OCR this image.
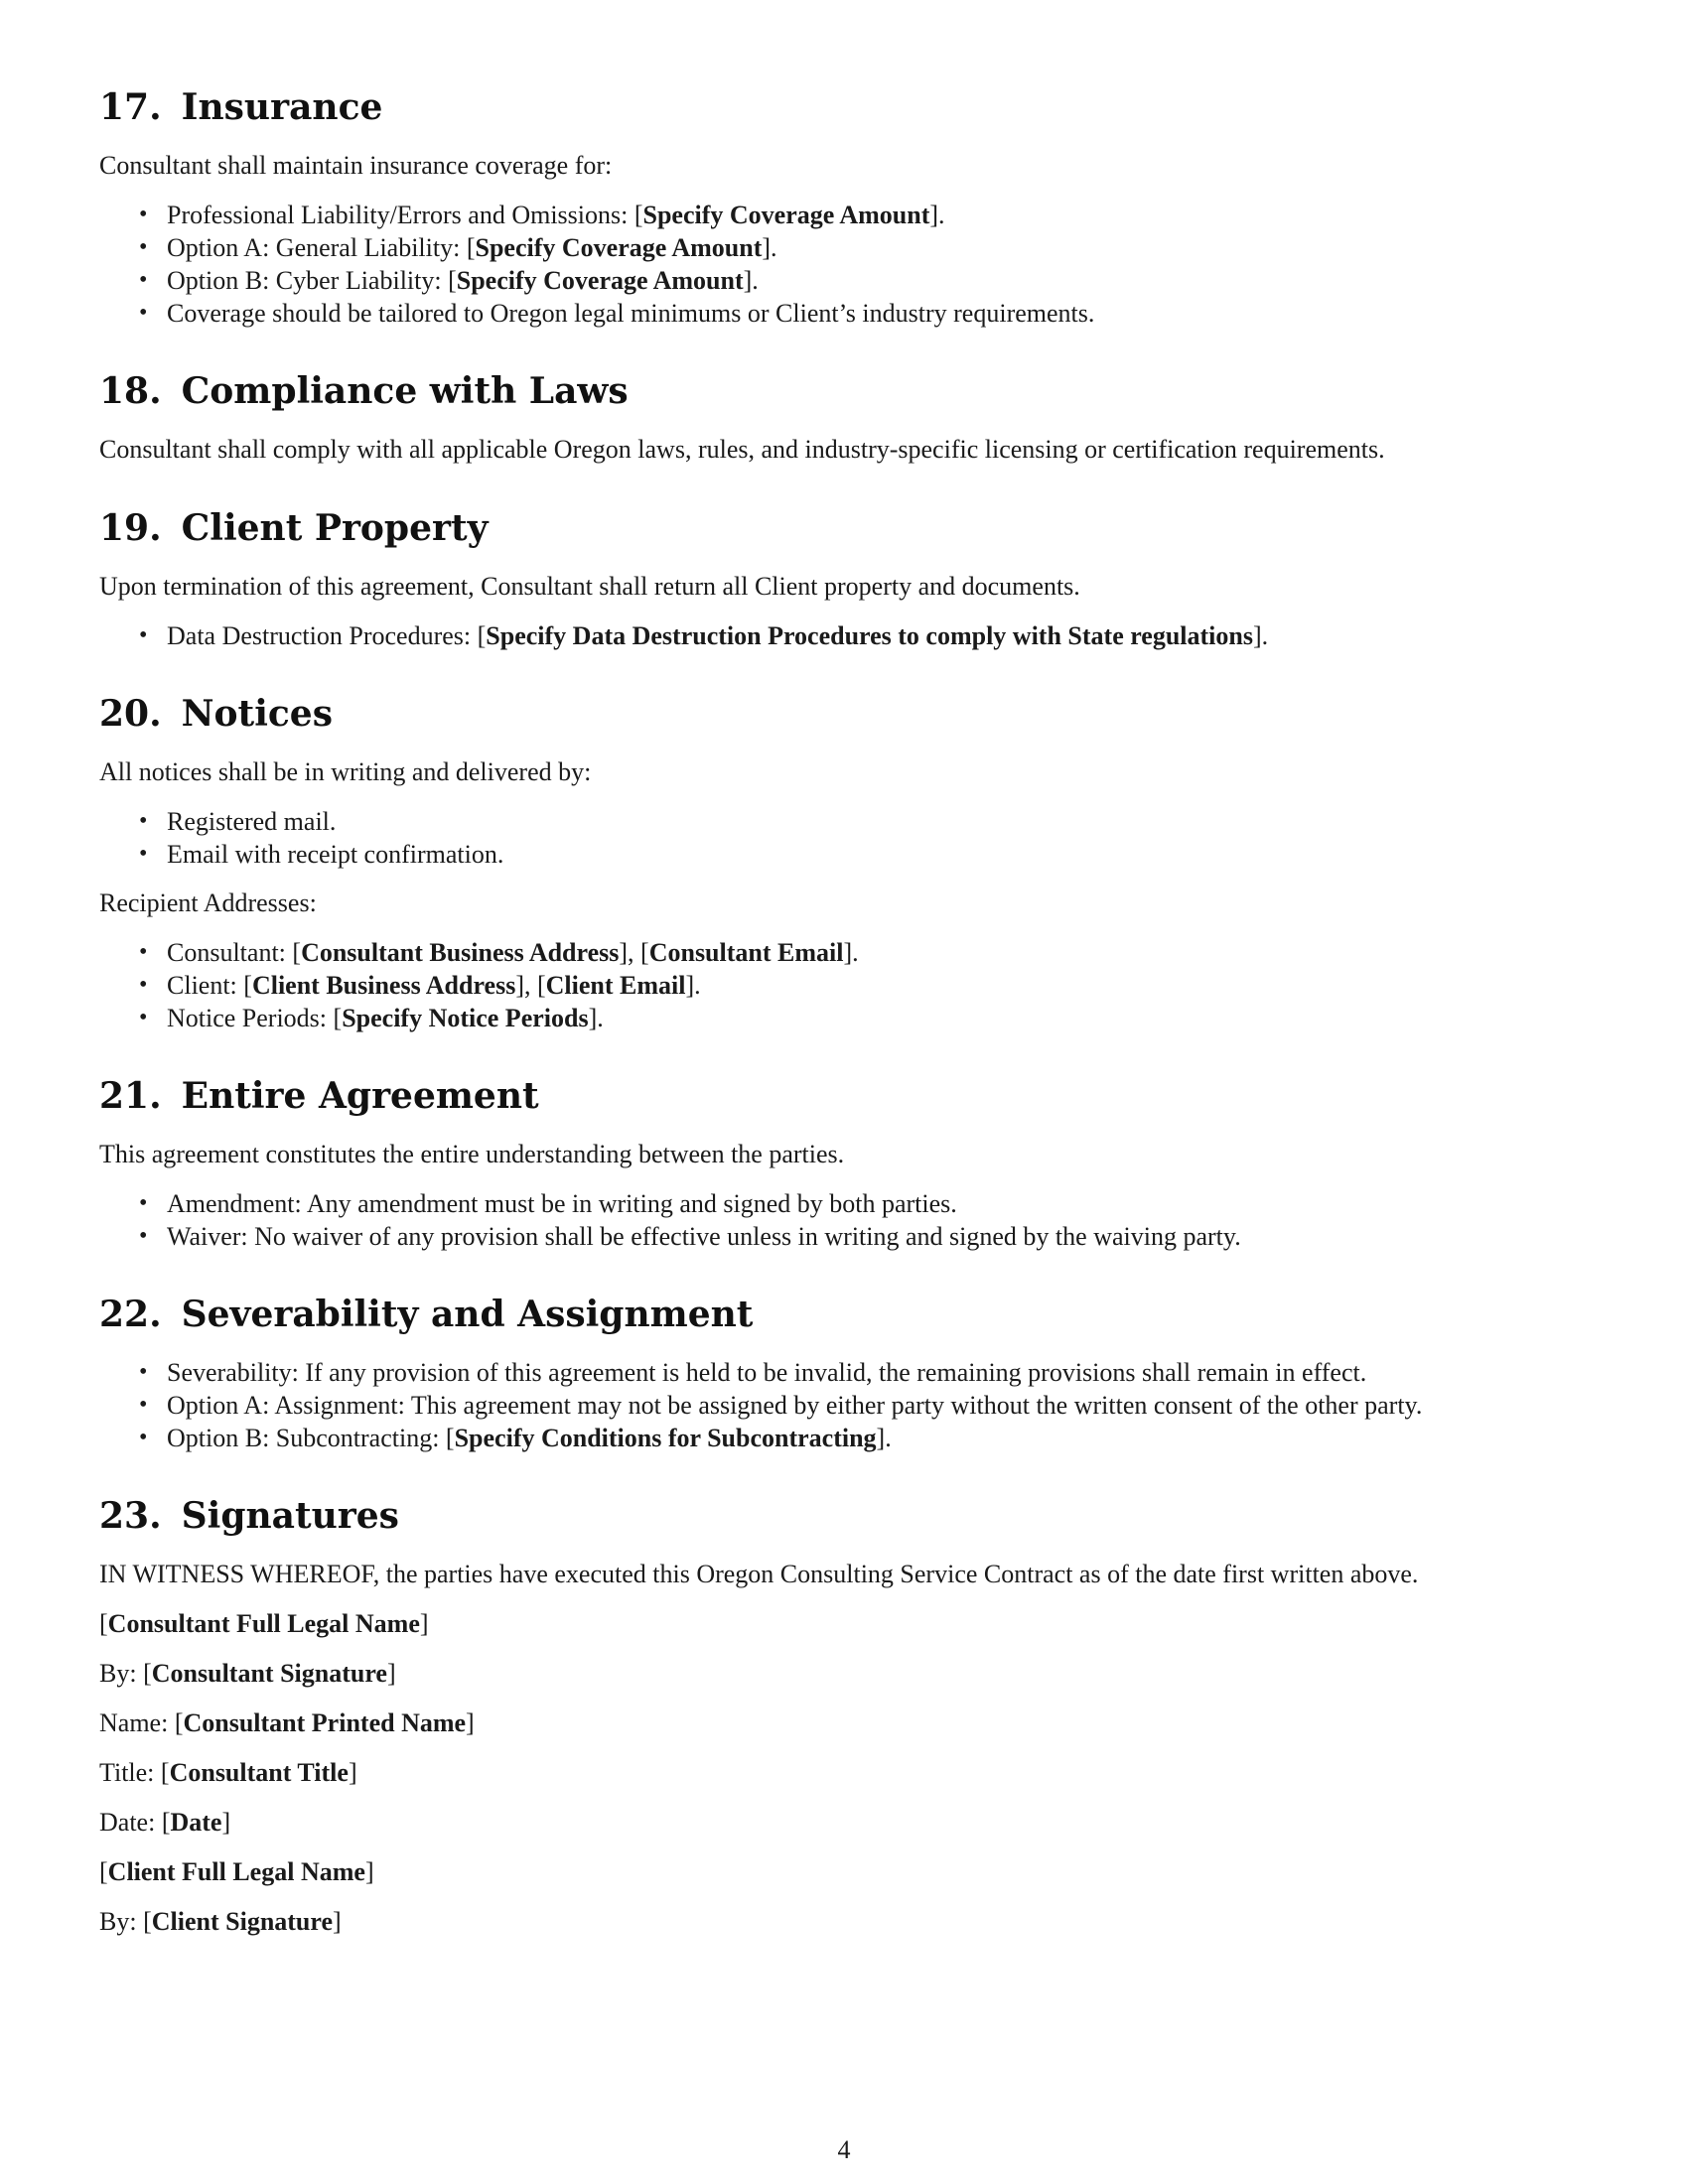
17. Insurance

Consultant shall maintain insurance coverage for:

• Professional Liability/Errors and Omissions: [Specify Coverage Amount].
• Option A: General Liability: [Specify Coverage Amount].
• Option B: Cyber Liability: [Specify Coverage Amount].
• Coverage should be tailored to Oregon legal minimums or Client’s industry requirements.
18. Compliance with Laws

Consultant shall comply with all applicable Oregon laws, rules, and industry-specific licensing or certification requirements.

19. Client Property

Upon termination of this agreement, Consultant shall return all Client property and documents.

• Data Destruction Procedures: [Specify Data Destruction Procedures to comply with State regulations].
20. Notices

All notices shall be in writing and delivered by:

• Registered mail.
• Email with receipt confirmation.

Recipient Addresses:

• Consultant: [Consultant Business Address], [Consultant Email].
• Client: [Client Business Address], [Client Email].
• Notice Periods: [Specify Notice Periods].
21. Entire Agreement

This agreement constitutes the entire understanding between the parties.

• Amendment: Any amendment must be in writing and signed by both parties.
• Waiver: No waiver of any provision shall be effective unless in writing and signed by the waiving party.
22. Severability and Assignment
• Severability: If any provision of this agreement is held to be invalid, the remaining provisions shall remain in effect.
• Option A: Assignment: This agreement may not be assigned by either party without the written consent of the other party.
• Option B: Subcontracting: [Specify Conditions for Subcontracting].
23. Signatures

IN WITNESS WHEREOF, the parties have executed this Oregon Consulting Service Contract as of the date first written above.

[Consultant Full Legal Name]

By: [Consultant Signature]

Name: [Consultant Printed Name]

Title: [Consultant Title]

Date: [Date]

[Client Full Legal Name]

By: [Client Signature]

4
